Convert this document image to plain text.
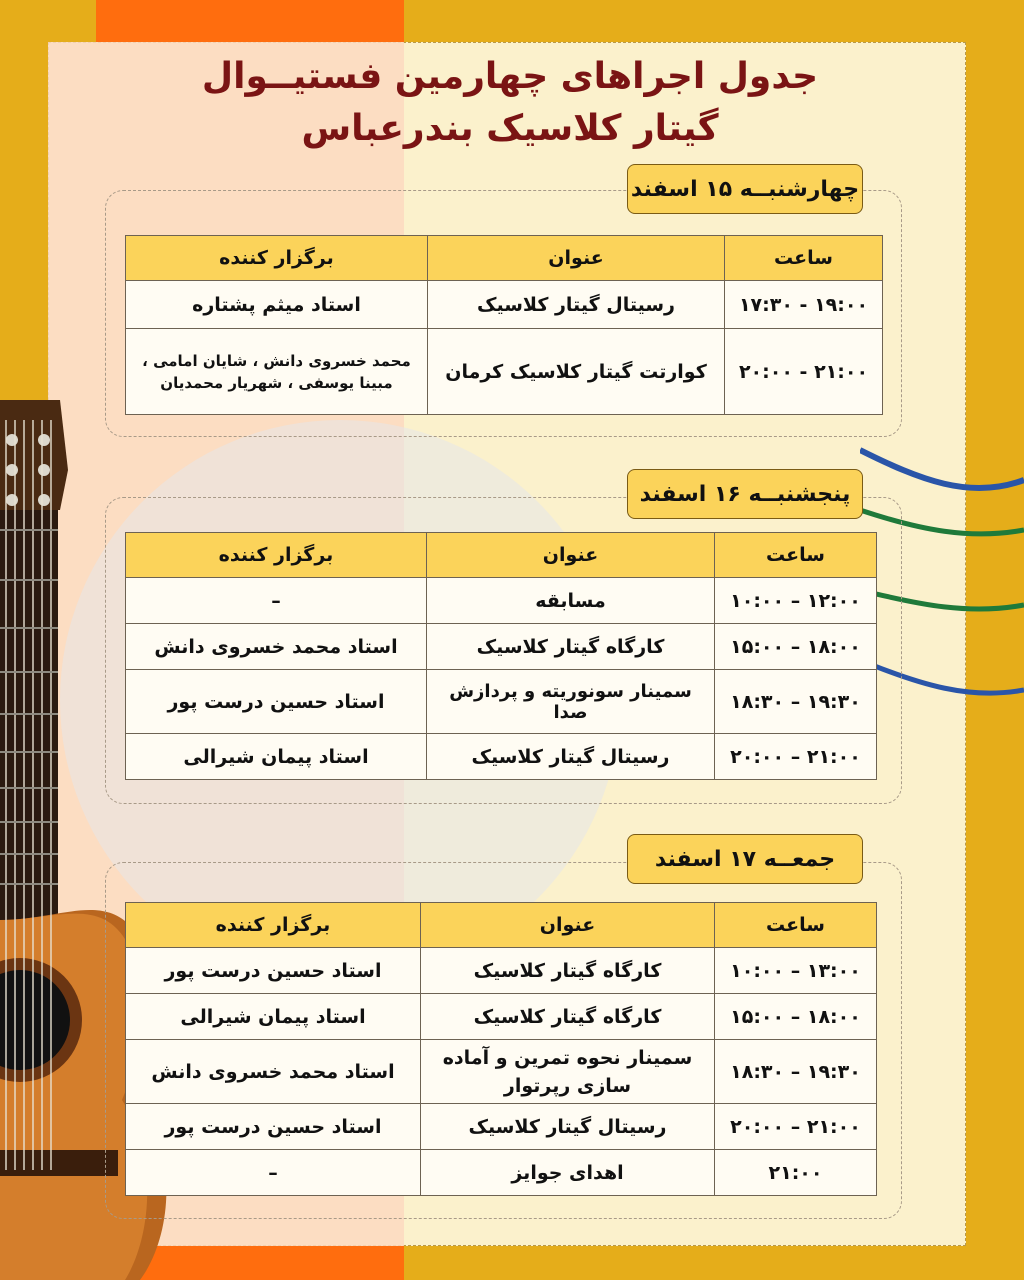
جدول اجراهای چهارمین فستیــوال
گیتار کلاسیک بندرعباس
چهارشنبــه ۱۵ اسفند
ساعت	عنوان	برگزار کننده
۱۹:۰۰ - ۱۷:۳۰	رسیتال گیتار کلاسیک	استاد میثم پشتاره
۲۱:۰۰ - ۲۰:۰۰	کوارتت گیتار کلاسیک کرمان	محمد خسروی دانش ، شایان امامی ، مبینا یوسفی ، شهریار محمدیان
پنجشنبــه ۱۶ اسفند
ساعت	عنوان	برگزار کننده
۱۲:۰۰ – ۱۰:۰۰	مسابقه	–
۱۸:۰۰ – ۱۵:۰۰	کارگاه گیتار کلاسیک	استاد محمد خسروی دانش
۱۹:۳۰ – ۱۸:۳۰	سمینار سونوریته و پردازش صدا	استاد حسین درست پور
۲۱:۰۰ – ۲۰:۰۰	رسیتال گیتار کلاسیک	استاد پیمان شیرالی
جمعــه ۱۷ اسفند
ساعت	عنوان	برگزار کننده
۱۳:۰۰ – ۱۰:۰۰	کارگاه گیتار کلاسیک	استاد حسین درست پور
۱۸:۰۰ – ۱۵:۰۰	کارگاه گیتار کلاسیک	استاد پیمان شیرالی
۱۹:۳۰ – ۱۸:۳۰	سمینار نحوه تمرین و آماده سازی رپرتوار	استاد محمد خسروی دانش
۲۱:۰۰ – ۲۰:۰۰	رسیتال گیتار کلاسیک	استاد حسین درست پور
۲۱:۰۰	اهدای جوایز	–
